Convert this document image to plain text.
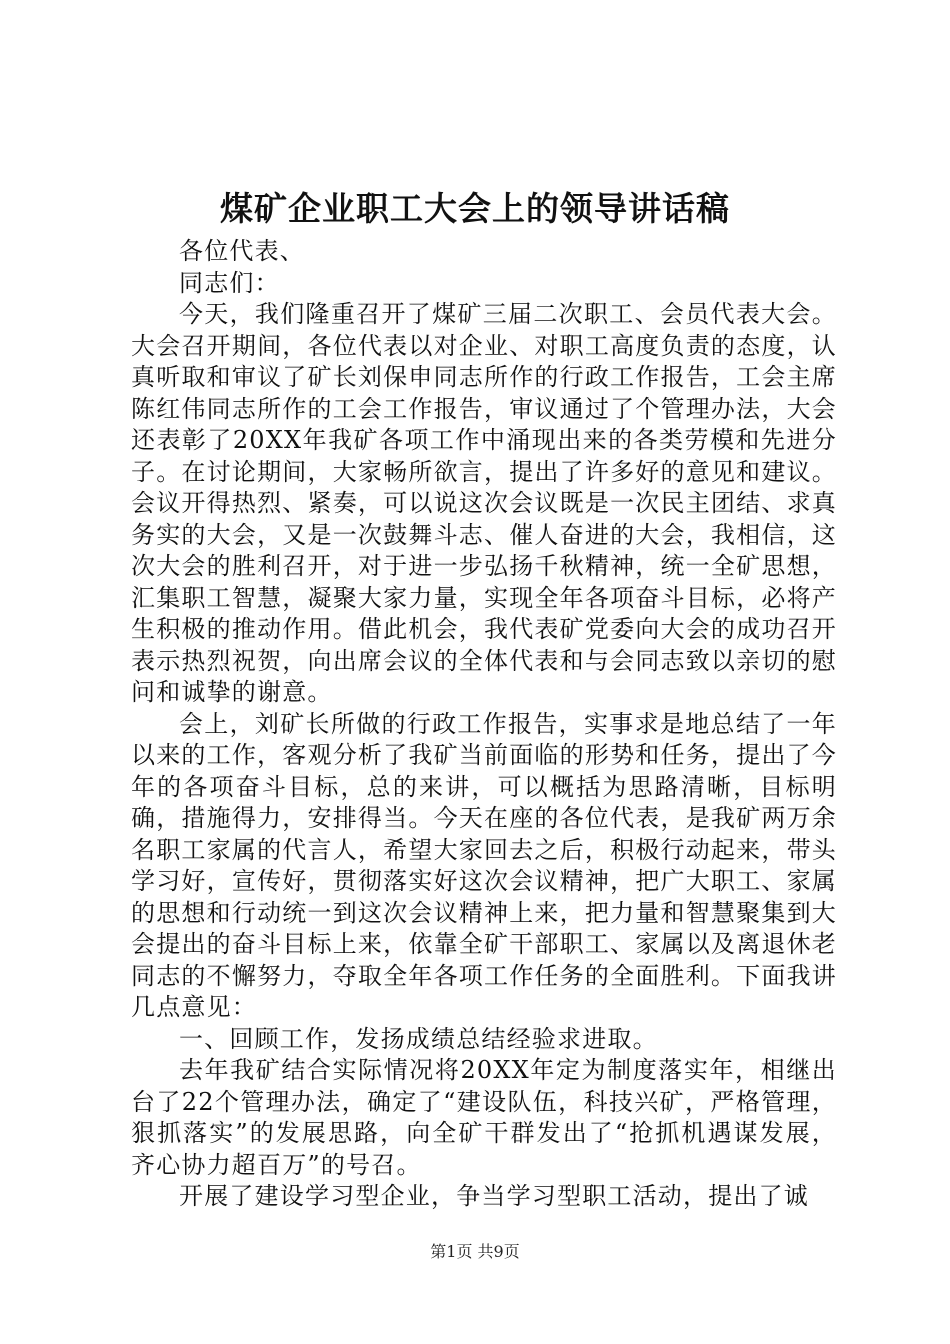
煤矿企业职工大会上的领导讲话稿

各位代表、

同志们：

今天，我们隆重召开了煤矿三届二次职工、会员代表大会。大会召开期间，各位代表以对企业、对职工高度负责的态度，认真听取和审议了矿长刘保申同志所作的行政工作报告，工会主席陈红伟同志所作的工会工作报告，审议通过了个管理办法，大会还表彰了20XX年我矿各项工作中涌现出来的各类劳模和先进分子。在讨论期间，大家畅所欲言，提出了许多好的意见和建议。会议开得热烈、紧奏，可以说这次会议既是一次民主团结、求真务实的大会，又是一次鼓舞斗志、催人奋进的大会，我相信，这次大会的胜利召开，对于进一步弘扬千秋精神，统一全矿思想，汇集职工智慧，凝聚大家力量，实现全年各项奋斗目标，必将产生积极的推动作用。借此机会，我代表矿党委向大会的成功召开表示热烈祝贺，向出席会议的全体代表和与会同志致以亲切的慰问和诚挚的谢意。

会上，刘矿长所做的行政工作报告，实事求是地总结了一年以来的工作，客观分析了我矿当前面临的形势和任务，提出了今年的各项奋斗目标，总的来讲，可以概括为思路清晰，目标明确，措施得力，安排得当。今天在座的各位代表，是我矿两万余名职工家属的代言人，希望大家回去之后，积极行动起来，带头学习好，宣传好，贯彻落实好这次会议精神，把广大职工、家属的思想和行动统一到这次会议精神上来，把力量和智慧聚集到大会提出的奋斗目标上来，依靠全矿干部职工、家属以及离退休老同志的不懈努力，夺取全年各项工作任务的全面胜利。下面我讲几点意见：

一、回顾工作，发扬成绩总结经验求进取。

去年我矿结合实际情况将20XX年定为制度落实年，相继出台了22个管理办法，确定了“建设队伍，科技兴矿，严格管理，狠抓落实”的发展思路，向全矿干群发出了“抢抓机遇谋发展，齐心协力超百万”的号召。

开展了建设学习型企业，争当学习型职工活动，提出了诚

第1页 共9页
